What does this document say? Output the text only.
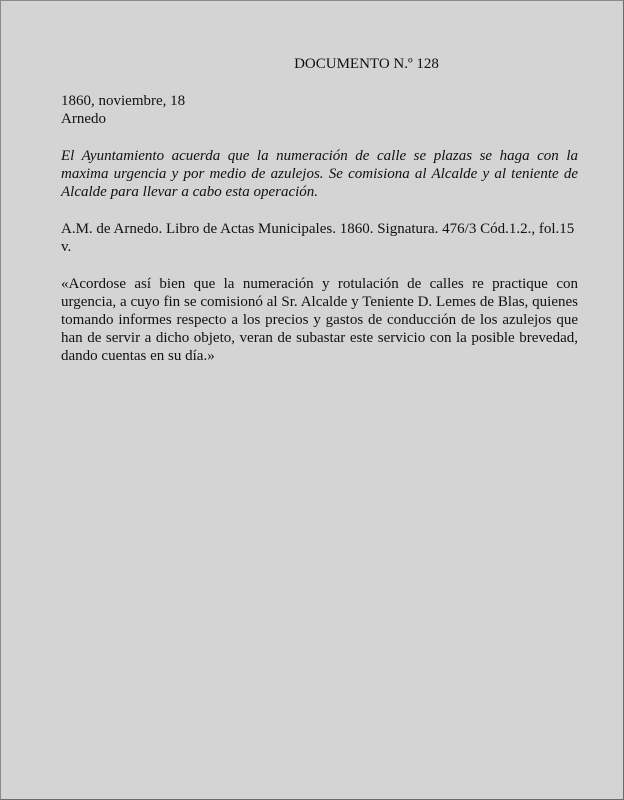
DOCUMENTO N.º 128
1860, noviembre, 18
Arnedo

El Ayuntamiento acuerda que la numeración de calle se plazas se haga con la maxima urgencia y por medio de azulejos. Se comisiona al Alcalde y al teniente de Alcalde para llevar a cabo esta operación.

A.M. de Arnedo. Libro de Actas Municipales. 1860. Signatura. 476/3 Cód.1.2., fol.15 v.

«Acordose así bien que la numeración y rotulación de calles re practique con urgencia, a cuyo fin se comisionó al Sr. Alcalde y Teniente D. Lemes de Blas, quienes tomando informes respecto a los precios y gastos de conducción de los azulejos que han de servir a dicho objeto, veran de subastar este servicio con la posible brevedad, dando cuentas en su día.»
